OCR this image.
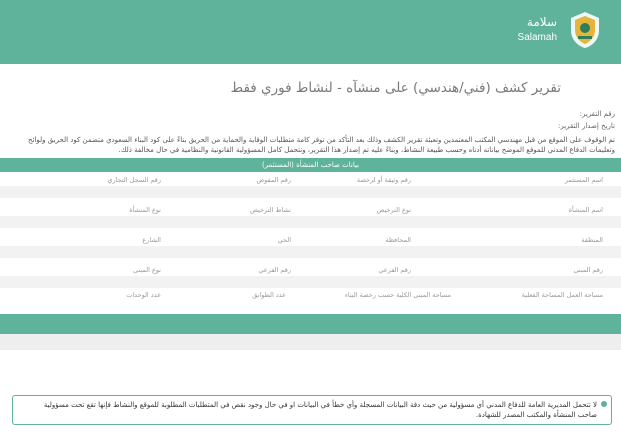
سلامة
Salamah
تقرير كشف (فني/هندسي) على منشآه - لنشاط فوري فقط
رقم التقرير:
تاريخ إصدار التقرير:
تم الوقوف على الموقع من قبل مهندسي المكتب المعتمدين وتعبئة تقرير الكشف وذلك بعد التأكد من توفر كامة متطلبات الوقاية والحماية من الحريق بناءً على كود البناء السعودي متضمن كود الحريق ولوائح وتعليمات الدفاع المدني للموقع الموضح بياناته أدناه وحسب طبيعة النشاط، وبناءً عليه تم إصدار هذا التقرير، ونتحمل كامل المسؤولية القانونية والنظامية في حال مخالفة ذلك.
بيانات صاحب المنشأة (المستثمر)
اسم المستثمر
رقم وثيقة أو لرخصة
رقم المفوض
رقم السجل التجاري
اسم المنشأة
نوع الترخيص
نشاط الترخيص
نوع المنشأة
المنطقة
المحافظة
الحي
الشارع
رقم المبنى
رقم الفرعي
رقم الفرعي
نوع المبنى
مساحة العمل المساحة الفعلية
مساحة المبنى الكلية حسب رخصة البناء
عدد الطوابق
عدد الوحدات
لا تتحمل المديرية العامة للدفاع المدني أي مسؤولية من حيث دقة البيانات المسجلة وأي خطأ في البيانات او في حال وجود نقص في المتطلبات المطلوبة للموقع والنشاط فإنها تقع تحت مسؤولية صاحب المنشأة والمكتب المصدر للشهادة.
